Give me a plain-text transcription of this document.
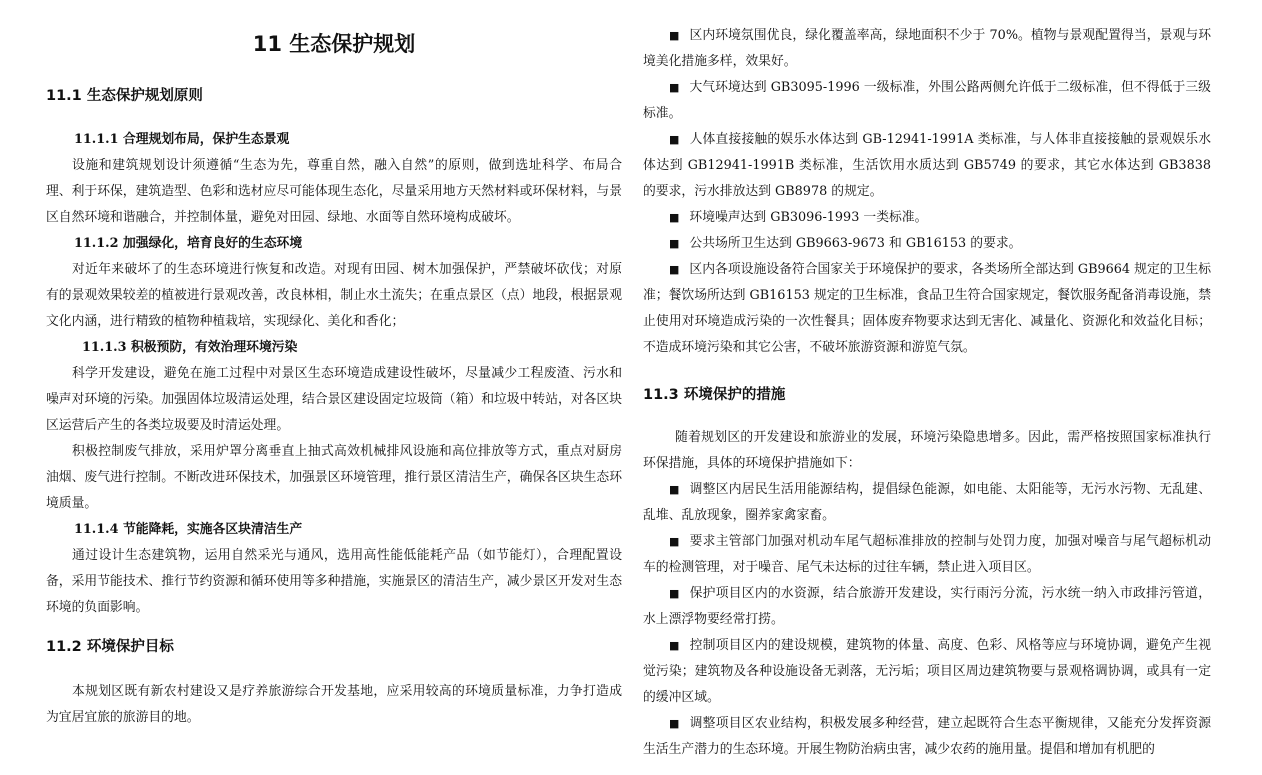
11 生态保护规划
11.1 生态保护规划原则
11.1.1 合理规划布局，保护生态景观

设施和建筑规划设计须遵循“生态为先，尊重自然，融入自然”的原则，做到选址科学、布局合理、利于环保，建筑造型、色彩和选材应尽可能体现生态化，尽量采用地方天然材料或环保材料，与景区自然环境和谐融合，并控制体量，避免对田园、绿地、水面等自然环境构成破坏。

11.1.2 加强绿化，培育良好的生态环境

对近年来破坏了的生态环境进行恢复和改造。对现有田园、树木加强保护，严禁破坏砍伐；对原有的景观效果较差的植被进行景观改善，改良林相，制止水土流失；在重点景区（点）地段，根据景观文化内涵，进行精致的植物种植栽培，实现绿化、美化和香化；

11.1.3 积极预防，有效治理环境污染

科学开发建设，避免在施工过程中对景区生态环境造成建设性破坏，尽量减少工程废渣、污水和噪声对环境的污染。加强固体垃圾清运处理，结合景区建设固定垃圾筒（箱）和垃圾中转站，对各区块区运营后产生的各类垃圾要及时清运处理。

积极控制废气排放，采用炉罩分离垂直上抽式高效机械排风设施和高位排放等方式，重点对厨房油烟、废气进行控制。不断改进环保技术，加强景区环境管理，推行景区清洁生产，确保各区块生态环境质量。

11.1.4 节能降耗，实施各区块清洁生产

通过设计生态建筑物，运用自然采光与通风，选用高性能低能耗产品（如节能灯），合理配置设备，采用节能技术、推行节约资源和循环使用等多种措施，实施景区的清洁生产，减少景区开发对生态环境的负面影响。

11.2 环境保护目标

本规划区既有新农村建设又是疗养旅游综合开发基地，应采用较高的环境质量标准，力争打造成为宜居宜旅的旅游目的地。

■ 区内环境氛围优良，绿化覆盖率高，绿地面积不少于 70%。植物与景观配置得当，景观与环境美化措施多样，效果好。

■ 大气环境达到 GB3095-1996 一级标准，外围公路两侧允许低于二级标准，但不得低于三级标准。

■ 人体直接接触的娱乐水体达到 GB-12941-1991A 类标准，与人体非直接接触的景观娱乐水体达到 GB12941-1991B 类标准，生活饮用水质达到 GB5749 的要求，其它水体达到 GB3838 的要求，污水排放达到 GB8978 的规定。

■ 环境噪声达到 GB3096-1993 一类标准。

■ 公共场所卫生达到 GB9663-9673 和 GB16153 的要求。

■ 区内各项设施设备符合国家关于环境保护的要求，各类场所全部达到 GB9664 规定的卫生标准；餐饮场所达到 GB16153 规定的卫生标准，食品卫生符合国家规定，餐饮服务配备消毒设施，禁止使用对环境造成污染的一次性餐具；固体废弃物要求达到无害化、减量化、资源化和效益化目标；不造成环境污染和其它公害，不破坏旅游资源和游览气氛。

11.3 环境保护的措施

随着规划区的开发建设和旅游业的发展，环境污染隐患增多。因此，需严格按照国家标准执行环保措施，具体的环境保护措施如下：

■ 调整区内居民生活用能源结构，提倡绿色能源，如电能、太阳能等，无污水污物、无乱建、乱堆、乱放现象，圈养家禽家畜。

■ 要求主管部门加强对机动车尾气超标准排放的控制与处罚力度，加强对噪音与尾气超标机动车的检测管理，对于噪音、尾气未达标的过往车辆，禁止进入项目区。

■ 保护项目区内的水资源，结合旅游开发建设，实行雨污分流，污水统一纳入市政排污管道，水上漂浮物要经常打捞。

■ 控制项目区内的建设规模，建筑物的体量、高度、色彩、风格等应与环境协调，避免产生视觉污染；建筑物及各种设施设备无剥落，无污垢；项目区周边建筑物要与景观格调协调，或具有一定的缓冲区域。

■ 调整项目区农业结构，积极发展多种经营，建立起既符合生态平衡规律，又能充分发挥资源生活生产潜力的生态环境。开展生物防治病虫害，减少农药的施用量。提倡和增加有机肥的
